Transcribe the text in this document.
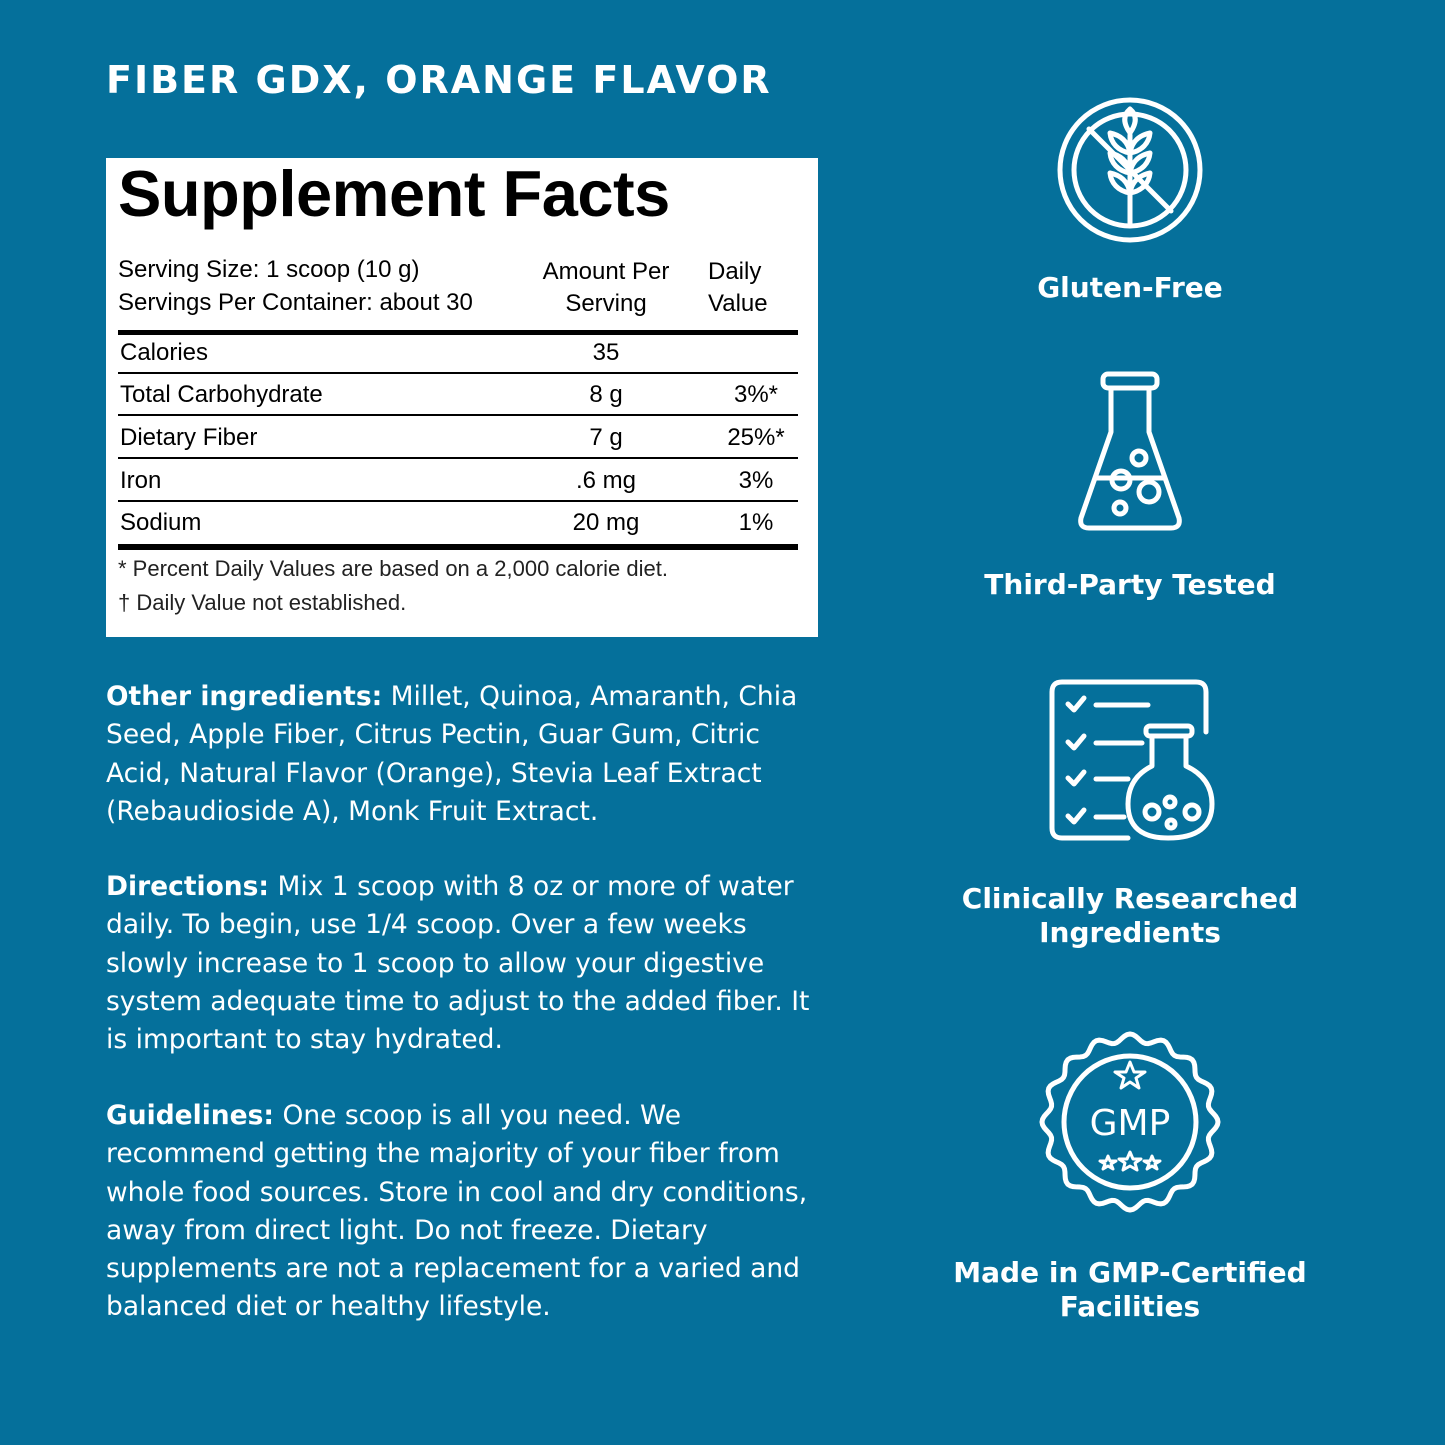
FIBER GDX, ORANGE FLAVOR
Supplement Facts
Serving Size: 1 scoop (10 g)
Servings Per Container: about 30
Amount Per
Serving
Daily
Value
Calories	35
Total Carbohydrate	8 g	3%*
Dietary Fiber	7 g	25%*
Iron	.6 mg	3%
Sodium	20 mg	1%
* Percent Daily Values are based on a 2,000 calorie diet.
† Daily Value not established.
Other ingredients: Millet, Quinoa, Amaranth, Chia Seed, Apple Fiber, Citrus Pectin, Guar Gum, Citric Acid, Natural Flavor (Orange), Stevia Leaf Extract (Rebaudioside A), Monk Fruit Extract.
Directions: Mix 1 scoop with 8 oz or more of water daily. To begin, use 1/4 scoop. Over a few weeks slowly increase to 1 scoop to allow your digestive system adequate time to adjust to the added fiber. It is important to stay hydrated.
Guidelines: One scoop is all you need. We recommend getting the majority of your fiber from whole food sources. Store in cool and dry conditions, away from direct light. Do not freeze. Dietary supplements are not a replacement for a varied and balanced diet or healthy lifestyle.
Gluten-Free
Third-Party Tested
Clinically Researched
Ingredients
GMP
Made in GMP-Certified
Facilities
